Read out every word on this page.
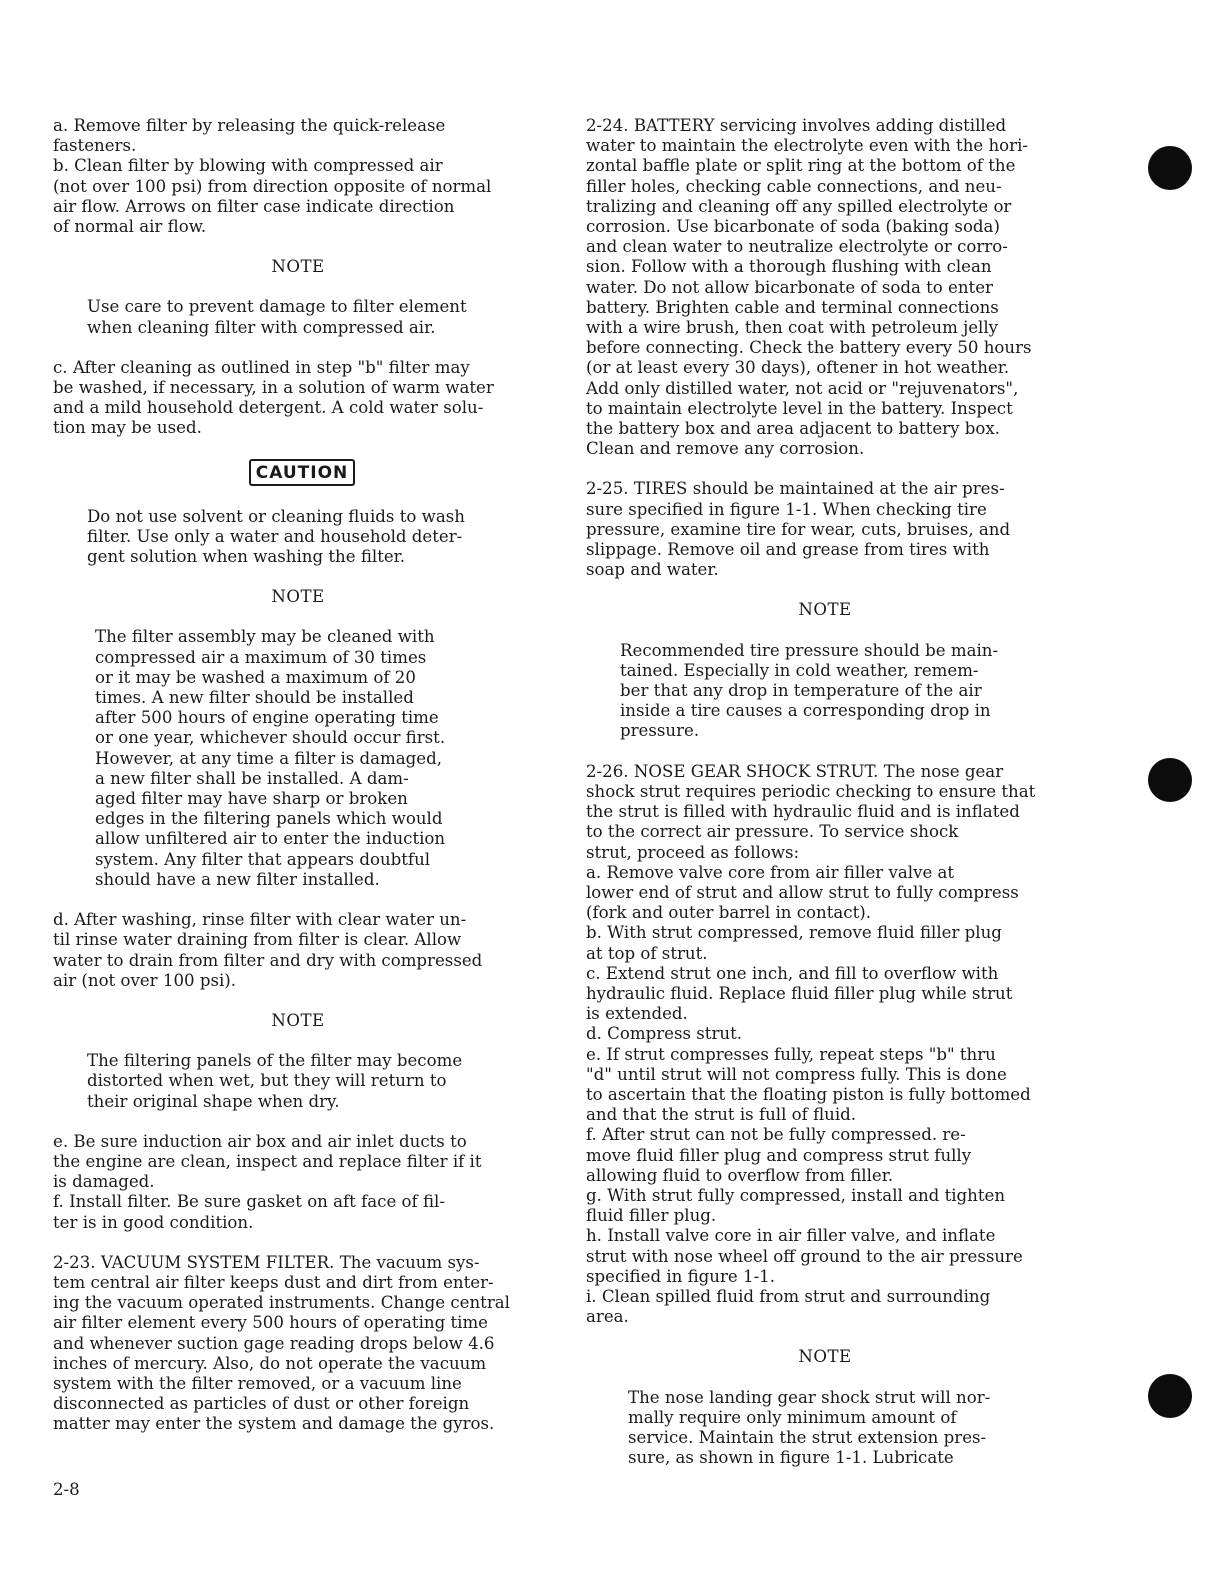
a. Remove filter by releasing the quick-release
fasteners.

b. Clean filter by blowing with compressed air
(not over 100 psi) from direction opposite of normal
air flow. Arrows on filter case indicate direction
of normal air flow.

NOTE

Use care to prevent damage to filter element
when cleaning filter with compressed air.

c. After cleaning as outlined in step "b" filter may
be washed, if necessary, in a solution of warm water
and a mild household detergent. A cold water solu-
tion may be used.

CAUTION

Do not use solvent or cleaning fluids to wash
filter. Use only a water and household deter-
gent solution when washing the filter.

NOTE

The filter assembly may be cleaned with
compressed air a maximum of 30 times
or it may be washed a maximum of 20
times. A new filter should be installed
after 500 hours of engine operating time
or one year, whichever should occur first.
However, at any time a filter is damaged,
a new filter shall be installed. A dam-
aged filter may have sharp or broken
edges in the filtering panels which would
allow unfiltered air to enter the induction
system. Any filter that appears doubtful
should have a new filter installed.

d. After washing, rinse filter with clear water un-
til rinse water draining from filter is clear. Allow
water to drain from filter and dry with compressed
air (not over 100 psi).

NOTE

The filtering panels of the filter may become
distorted when wet, but they will return to
their original shape when dry.

e. Be sure induction air box and air inlet ducts to
the engine are clean, inspect and replace filter if it
is damaged.

f. Install filter. Be sure gasket on aft face of fil-
ter is in good condition.

2-23. VACUUM SYSTEM FILTER. The vacuum sys-
tem central air filter keeps dust and dirt from enter-
ing the vacuum operated instruments. Change central
air filter element every 500 hours of operating time
and whenever suction gage reading drops below 4.6
inches of mercury. Also, do not operate the vacuum
system with the filter removed, or a vacuum line
disconnected as particles of dust or other foreign
matter may enter the system and damage the gyros.

2-24. BATTERY servicing involves adding distilled
water to maintain the electrolyte even with the hori-
zontal baffle plate or split ring at the bottom of the
filler holes, checking cable connections, and neu-
tralizing and cleaning off any spilled electrolyte or
corrosion. Use bicarbonate of soda (baking soda)
and clean water to neutralize electrolyte or corro-
sion. Follow with a thorough flushing with clean
water. Do not allow bicarbonate of soda to enter
battery. Brighten cable and terminal connections
with a wire brush, then coat with petroleum jelly
before connecting. Check the battery every 50 hours
(or at least every 30 days), oftener in hot weather.
Add only distilled water, not acid or "rejuvenators",
to maintain electrolyte level in the battery. Inspect
the battery box and area adjacent to battery box.
Clean and remove any corrosion.

2-25. TIRES should be maintained at the air pres-
sure specified in figure 1-1. When checking tire
pressure, examine tire for wear, cuts, bruises, and
slippage. Remove oil and grease from tires with
soap and water.

NOTE

Recommended tire pressure should be main-
tained. Especially in cold weather, remem-
ber that any drop in temperature of the air
inside a tire causes a corresponding drop in
pressure.

2-26. NOSE GEAR SHOCK STRUT. The nose gear
shock strut requires periodic checking to ensure that
the strut is filled with hydraulic fluid and is inflated
to the correct air pressure. To service shock
strut, proceed as follows:

a. Remove valve core from air filler valve at
lower end of strut and allow strut to fully compress
(fork and outer barrel in contact).

b. With strut compressed, remove fluid filler plug
at top of strut.

c. Extend strut one inch, and fill to overflow with
hydraulic fluid. Replace fluid filler plug while strut
is extended.

d. Compress strut.

e. If strut compresses fully, repeat steps "b" thru
"d" until strut will not compress fully. This is done
to ascertain that the floating piston is fully bottomed
and that the strut is full of fluid.

f. After strut can not be fully compressed. re-
move fluid filler plug and compress strut fully
allowing fluid to overflow from filler.

g. With strut fully compressed, install and tighten
fluid filler plug.

h. Install valve core in air filler valve, and inflate
strut with nose wheel off ground to the air pressure
specified in figure 1-1.

i. Clean spilled fluid from strut and surrounding
area.

NOTE

The nose landing gear shock strut will nor-
mally require only minimum amount of
service. Maintain the strut extension pres-
sure, as shown in figure 1-1. Lubricate

2-8
